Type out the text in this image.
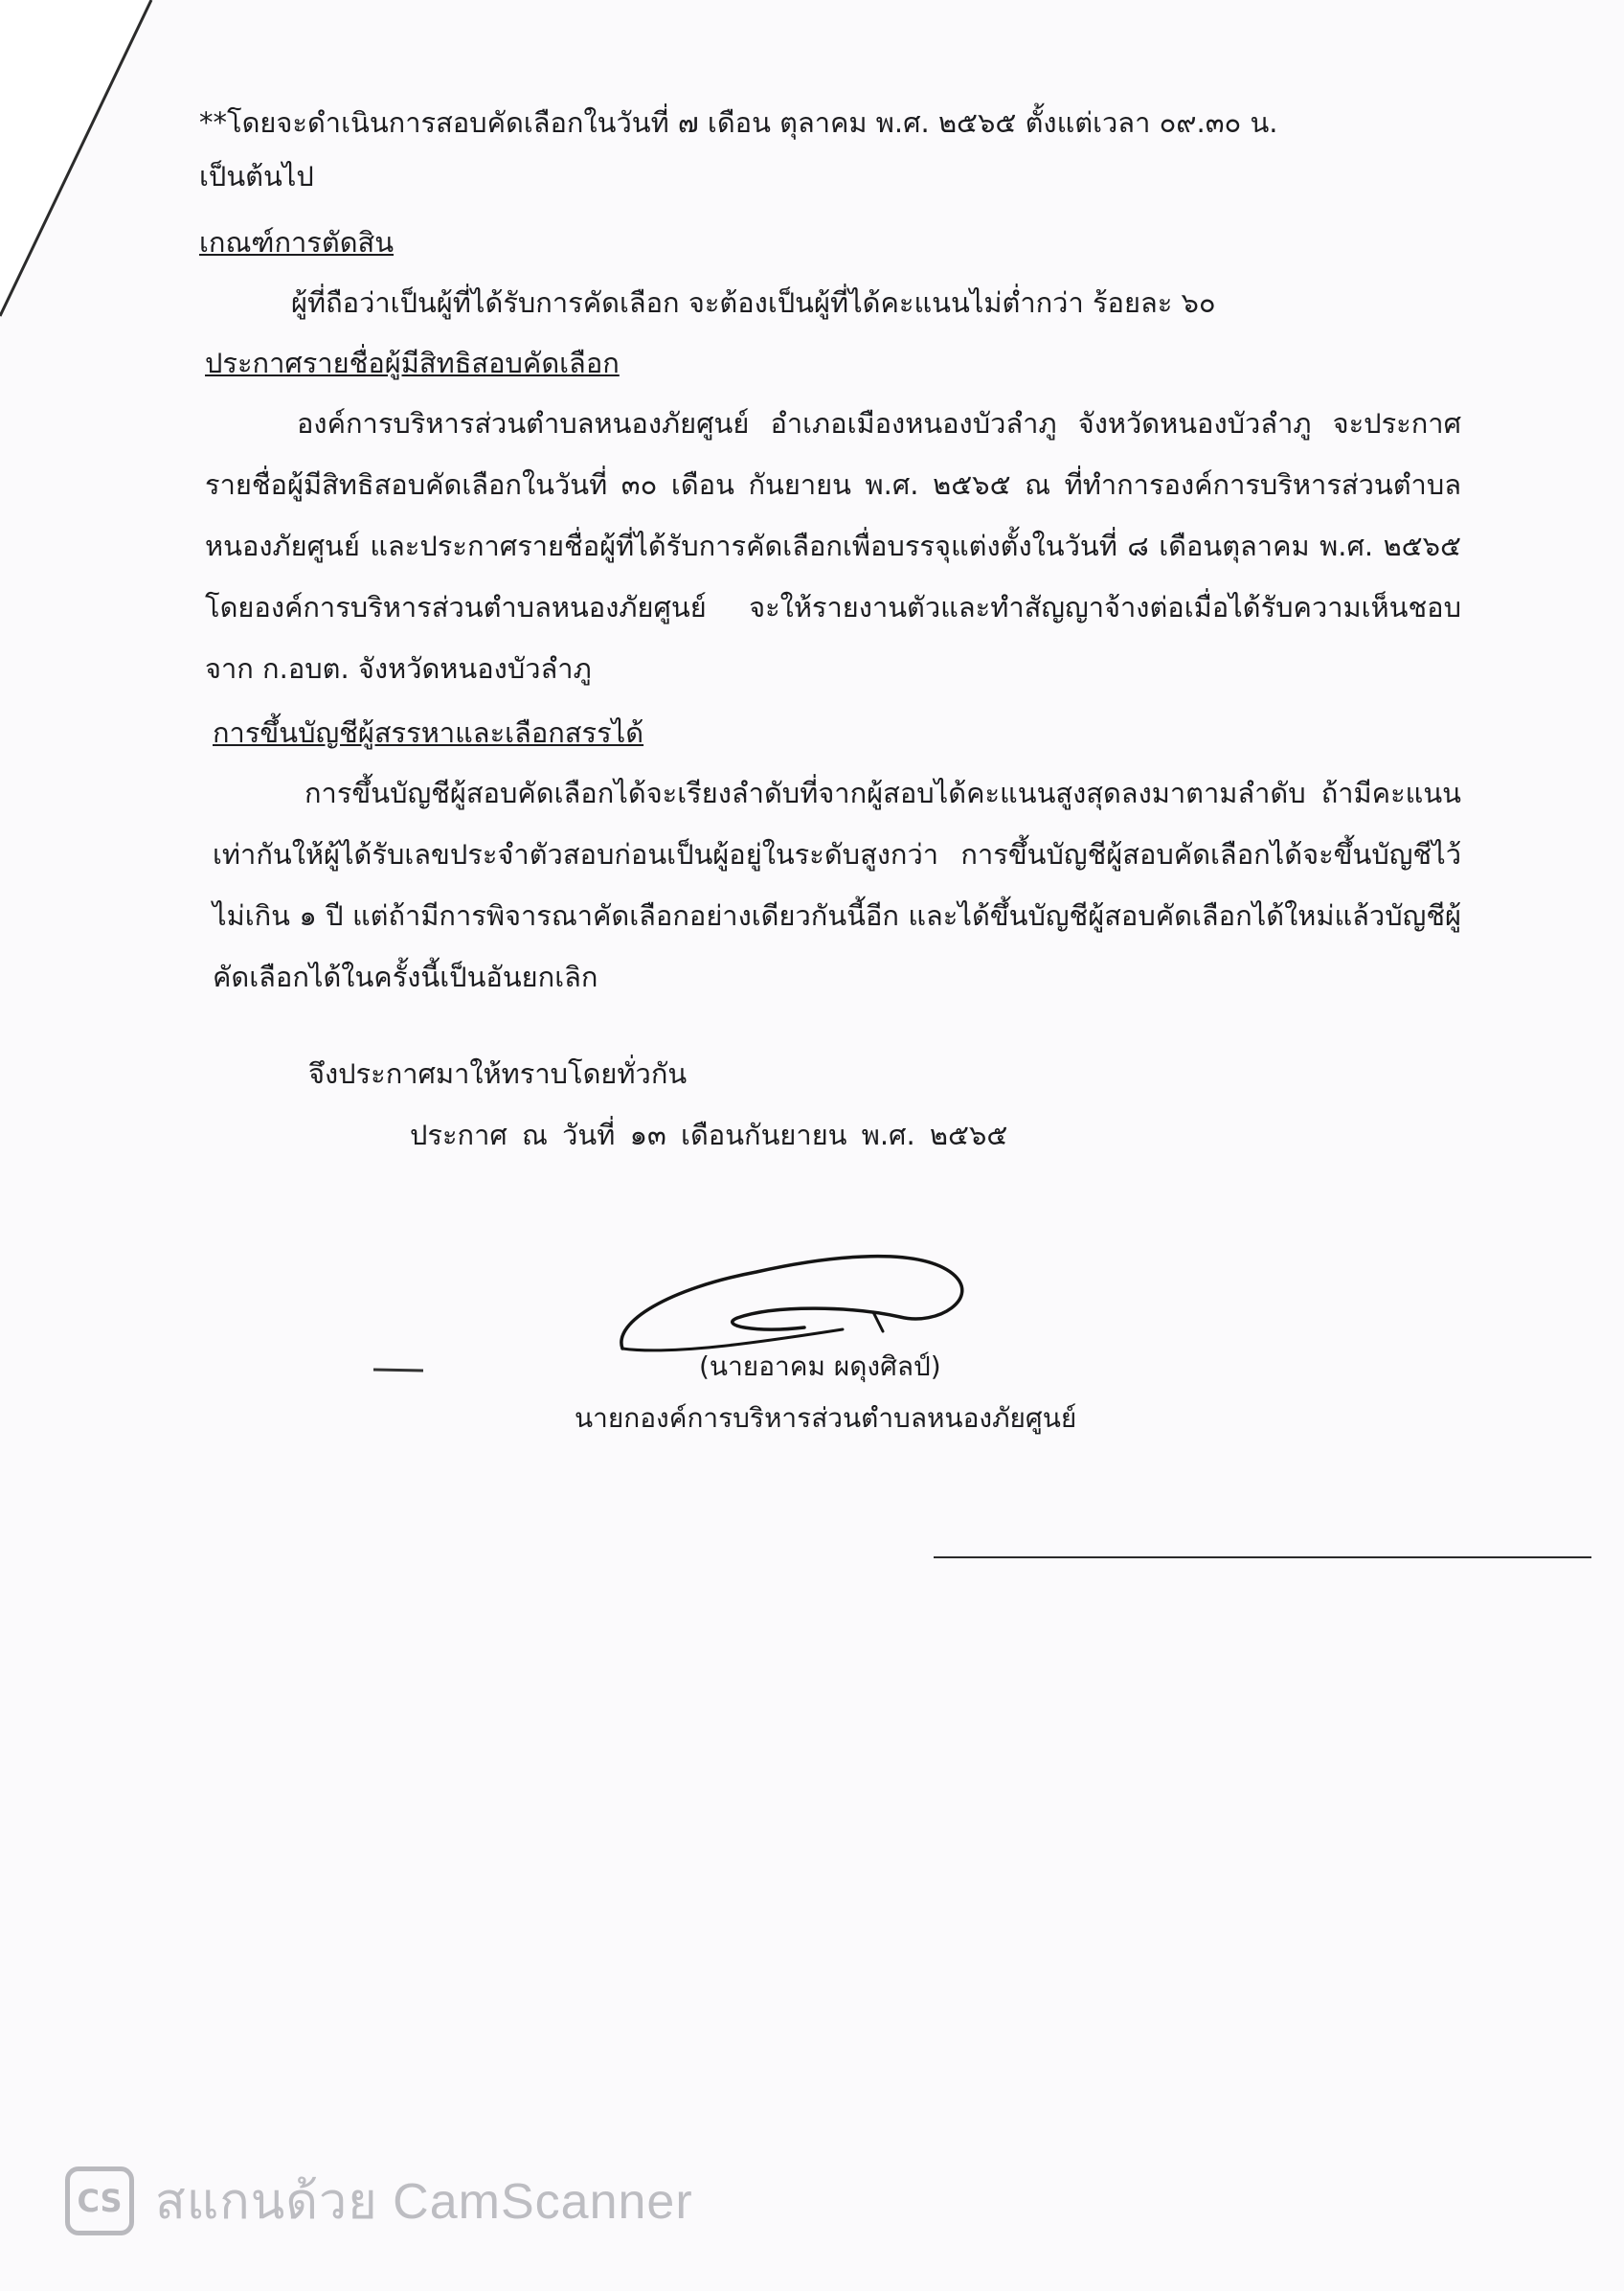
**โดยจะดำเนินการสอบคัดเลือกในวันที่ ๗ เดือน ตุลาคม พ.ศ. ๒๕๖๕ ตั้งแต่เวลา ๐๙.๓๐ น.

เป็นต้นไป

เกณฑ์การตัดสิน

ผู้ที่ถือว่าเป็นผู้ที่ได้รับการคัดเลือก จะต้องเป็นผู้ที่ได้คะแนนไม่ต่ำกว่า ร้อยละ ๖๐

ประกาศรายชื่อผู้มีสิทธิสอบคัดเลือก

องค์การบริหารส่วนตำบลหนองภัยศูนย์ อำเภอเมืองหนองบัวลำภู จังหวัดหนองบัวลำภู จะประกาศรายชื่อผู้มีสิทธิสอบคัดเลือกในวันที่ ๓๐ เดือน กันยายน พ.ศ. ๒๕๖๕ ณ ที่ทำการองค์การบริหารส่วนตำบลหนองภัยศูนย์ และประกาศรายชื่อผู้ที่ได้รับการคัดเลือกเพื่อบรรจุแต่งตั้งในวันที่ ๘ เดือนตุลาคม พ.ศ. ๒๕๖๕ โดยองค์การบริหารส่วนตำบลหนองภัยศูนย์ จะให้รายงานตัวและทำสัญญาจ้างต่อเมื่อได้รับความเห็นชอบจาก ก.อบต. จังหวัดหนองบัวลำภู

การขึ้นบัญชีผู้สรรหาและเลือกสรรได้

การขึ้นบัญชีผู้สอบคัดเลือกได้จะเรียงลำดับที่จากผู้สอบได้คะแนนสูงสุดลงมาตามลำดับ ถ้ามีคะแนนเท่ากันให้ผู้ได้รับเลขประจำตัวสอบก่อนเป็นผู้อยู่ในระดับสูงกว่า การขึ้นบัญชีผู้สอบคัดเลือกได้จะขึ้นบัญชีไว้ไม่เกิน ๑ ปี แต่ถ้ามีการพิจารณาคัดเลือกอย่างเดียวกันนี้อีก และได้ขึ้นบัญชีผู้สอบคัดเลือกได้ใหม่แล้วบัญชีผู้คัดเลือกได้ในครั้งนี้เป็นอันยกเลิก

จึงประกาศมาให้ทราบโดยทั่วกัน
ประกาศ ณ วันที่ ๑๓ เดือนกันยายน พ.ศ. ๒๕๖๕
(นายอาคม ผดุงศิลป์)
นายกองค์การบริหารส่วนตำบลหนองภัยศูนย์
CS สแกนด้วย CamScanner
